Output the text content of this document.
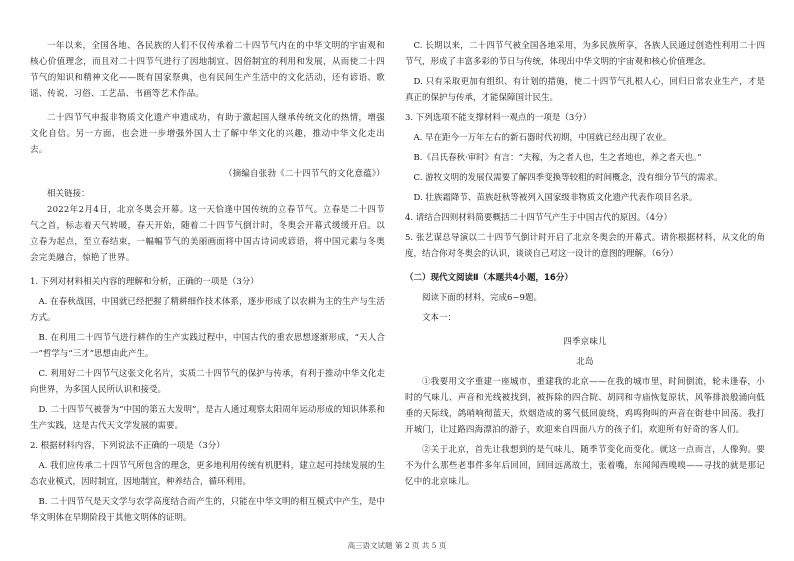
一年以来，全国各地、各民族的人们不仅传承着二十四节气内在的中华文明的宇宙观和核心价值理念，而且对二十四节气进行了因地制宜、因俗制宜的利用和发展，从而使二十四节气的知识和精神文化——既有国家祭典，也有民间生产生活中的文化活动，还有谚语、歌谣、传说、习俗、工艺品、书画等艺术作品。

二十四节气申报非物质文化遗产申遗成功，有助于激起国人继承传统文化的热情，增强文化自信。另一方面，也会进一步增强外国人士了解中华文化的兴趣，推动中华文化走出去。

（摘编自张勃《二十四节气的文化意蕴》）

相关链接：

2022年2月4日，北京冬奥会开幕。这一天恰逢中国传统的立春节气。立春是二十四节气之首，标志着天气转暖，春天开始，随着二十四节气倒计时，冬奥会开幕式缓缓开启。以立春为起点，至立春结束，一幅幅节气的美丽画面将中国古诗词或谚语，将中国元素与冬奥会完美融合，惊艳了世界。

1. 下列对材料相关内容的理解和分析，正确的一项是（3分）

A. 在春秋战国，中国就已经把握了精耕细作技术体系，逐步形成了以农耕为主的生产与生活方式。

B. 在利用二十四节气进行耕作的生产实践过程中，中国古代的重农思想逐渐形成，“天人合一”哲学与“三才”思想由此产生。

C. 利用好二十四节气这张文化名片，实质二十四节气的保护与传承，有利于推动中华文化走向世界，为多国人民所认识和接受。

D. 二十四节气被誉为“中国的第五大发明”，是古人通过观察太阳周年运动形成的知识体系和生产实践，这是古代天文学发展的需要。

2. 根据材料内容，下列说法不正确的一项是（3分）

A. 我们应传承二十四节气所包含的理念，更多地利用传统有机肥料，建立起可持续发展的生态农业模式，因时制宜，因地制宜，种养结合，循环利用。

B. 二十四节气是天文学与农学高度结合而产生的，只能在中华文明的相互模式中产生，是中华文明体在早期阶段于其他文明体的证明。

C. 长期以来，二十四节气被全国各地采用，为多民族所享，各族人民通过创造性利用二十四节气，形成了丰富多彩的节日与传统，体现出中华文明的宇宙观和核心价值理念。

D. 只有采取更加有组织、有计划的措施，使二十四节气扎根人心，回归日常农业生产，才是真正的保护与传承，才能保障国计民生。

3. 下列选项不能支撑材料一观点的一项是（3分）

A. 早在距今一万年左右的新石器时代初期，中国就已经出现了农业。

B.《吕氏春秋·审时》有言：“夫稼，为之者人也，生之者地也，养之者天也。”

C. 游牧文明的发展仅需要了解四季变换等较粗的时间概念，没有细分节气的需求。

D. 壮族霜降节、苗族赶秋等被列入国家级非物质文化遗产代表作项目名录。

4. 请结合四则材料简要概括二十四节气产生于中国古代的原因。（4分）

5. 张艺谋总导演以二十四节气倒计时开启了北京冬奥会的开幕式。请你根据材料，从文化的角度，结合你对冬奥会的认识，谈谈自己对这一设计的意图的理解。（6分）

（二）现代文阅读Ⅱ（本题共4小题，16分）

阅读下面的材料，完成6~9题。

文本一：

四季京味儿

北岛

①我要用文字重建一座城市，重建我的北京——在我的城市里，时间倒流，轮未逢春，小时的气味儿、声音和光线被找到，被拆除的四合院、胡同和寺庙恢复原状，风筝排浪般涌向低垂的天际线，鸽哨响彻蓝天，炊烟造成的雾气低回旋绕，鸡鸣狗叫的声音在街巷中回荡。我打开城门，让过路四海漂泊的游子，欢迎来自四面八方的孩子们，欢迎所有好奇的客人们。

②关于北京，首先让我想到的是气味儿，随季节变化而变化。就这一点而言，人像狗。要不为什么那些老事件多年后回回，回回远离故土，张着嘴，东闻闻西嗅嗅——寻找的就是那记忆中的北京味儿。

高三语文试题 第 2 页 共 5 页
